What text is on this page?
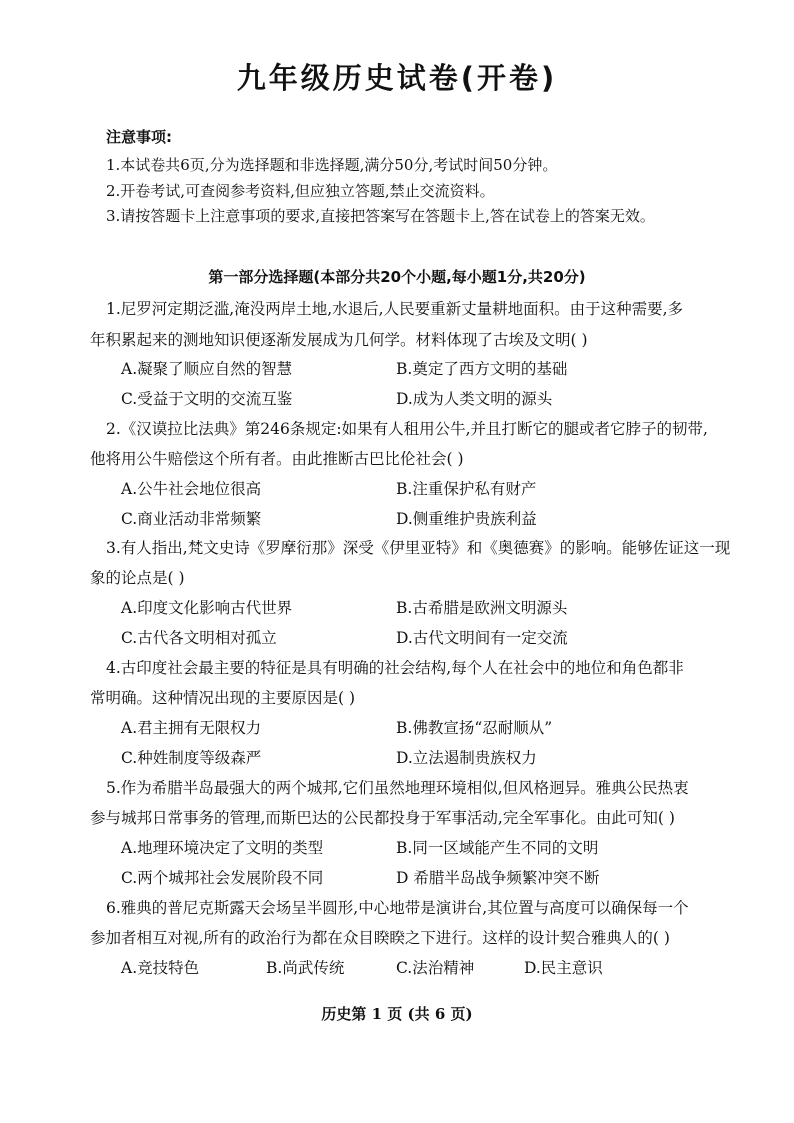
九年级历史试卷(开卷)
注意事项:
1.本试卷共6页,分为选择题和非选择题,满分50分,考试时间50分钟。
2.开卷考试,可查阅参考资料,但应独立答题,禁止交流资料。
3.请按答题卡上注意事项的要求,直接把答案写在答题卡上,答在试卷上的答案无效。
第一部分选择题(本部分共20个小题,每小题1分,共20分)
1.尼罗河定期泛滥,淹没两岸土地,水退后,人民要重新丈量耕地面积。由于这种需要,多
年积累起来的测地知识便逐渐发展成为几何学。材料体现了古埃及文明( )
A.凝聚了顺应自然的智慧	B.奠定了西方文明的基础
C.受益于文明的交流互鉴	D.成为人类文明的源头
2.《汉谟拉比法典》第246条规定:如果有人租用公牛,并且打断它的腿或者它脖子的韧带,
他将用公牛赔偿这个所有者。由此推断古巴比伦社会( )
A.公牛社会地位很高	B.注重保护私有财产
C.商业活动非常频繁	D.侧重维护贵族利益
3.有人指出,梵文史诗《罗摩衍那》深受《伊里亚特》和《奥德赛》的影响。能够佐证这一现
象的论点是( )
A.印度文化影响古代世界	B.古希腊是欧洲文明源头
C.古代各文明相对孤立	D.古代文明间有一定交流
4.古印度社会最主要的特征是具有明确的社会结构,每个人在社会中的地位和角色都非
常明确。这种情况出现的主要原因是( )
A.君主拥有无限权力	B.佛教宣扬“忍耐顺从”
C.种姓制度等级森严	D.立法遏制贵族权力
5.作为希腊半岛最强大的两个城邦,它们虽然地理环境相似,但风格迥异。雅典公民热衷
参与城邦日常事务的管理,而斯巴达的公民都投身于军事活动,完全军事化。由此可知( )
A.地理环境决定了文明的类型	B.同一区域能产生不同的文明
C.两个城邦社会发展阶段不同	D 希腊半岛战争频繁冲突不断
6.雅典的普尼克斯露天会场呈半圆形,中心地带是演讲台,其位置与高度可以确保每一个
参加者相互对视,所有的政治行为都在众目睽睽之下进行。这样的设计契合雅典人的( )
A.竞技特色	B.尚武传统	C.法治精神	D.民主意识
历史第 1 页 (共 6 页)
